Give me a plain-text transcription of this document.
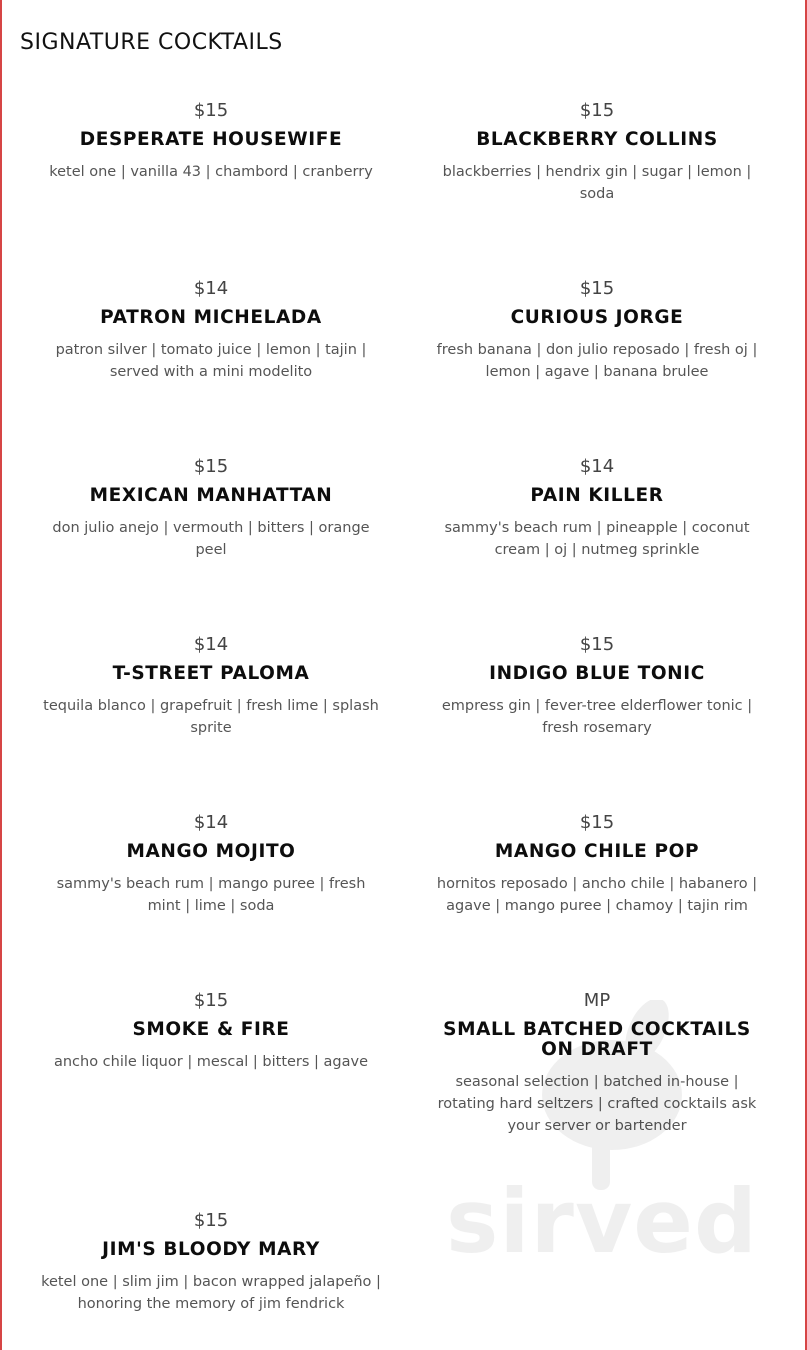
SIGNATURE COCKTAILS
$15
DESPERATE HOUSEWIFE
ketel one | vanilla 43 | chambord | cranberry
$15
BLACKBERRY COLLINS
blackberries | hendrix gin | sugar | lemon | soda
$14
PATRON MICHELADA
patron silver | tomato juice | lemon | tajin | served with a mini modelito
$15
CURIOUS JORGE
fresh banana | don julio reposado | fresh oj | lemon | agave | banana brulee
$15
MEXICAN MANHATTAN
don julio anejo | vermouth | bitters | orange peel
$14
PAIN KILLER
sammy's beach rum | pineapple | coconut cream | oj | nutmeg sprinkle
$14
T-STREET PALOMA
tequila blanco | grapefruit | fresh lime | splash sprite
$15
INDIGO BLUE TONIC
empress gin | fever-tree elderflower tonic | fresh rosemary
$14
MANGO MOJITO
sammy's beach rum | mango puree | fresh mint | lime | soda
$15
MANGO CHILE POP
hornitos reposado | ancho chile | habanero | agave | mango puree | chamoy | tajin rim
$15
SMOKE & FIRE
ancho chile liquor | mescal | bitters | agave
MP
SMALL BATCHED COCKTAILS ON DRAFT
seasonal selection | batched in-house | rotating hard seltzers | crafted cocktails ask your server or bartender
$15
JIM'S BLOODY MARY
ketel one | slim jim | bacon wrapped jalapeño | honoring the memory of jim fendrick
sirved
